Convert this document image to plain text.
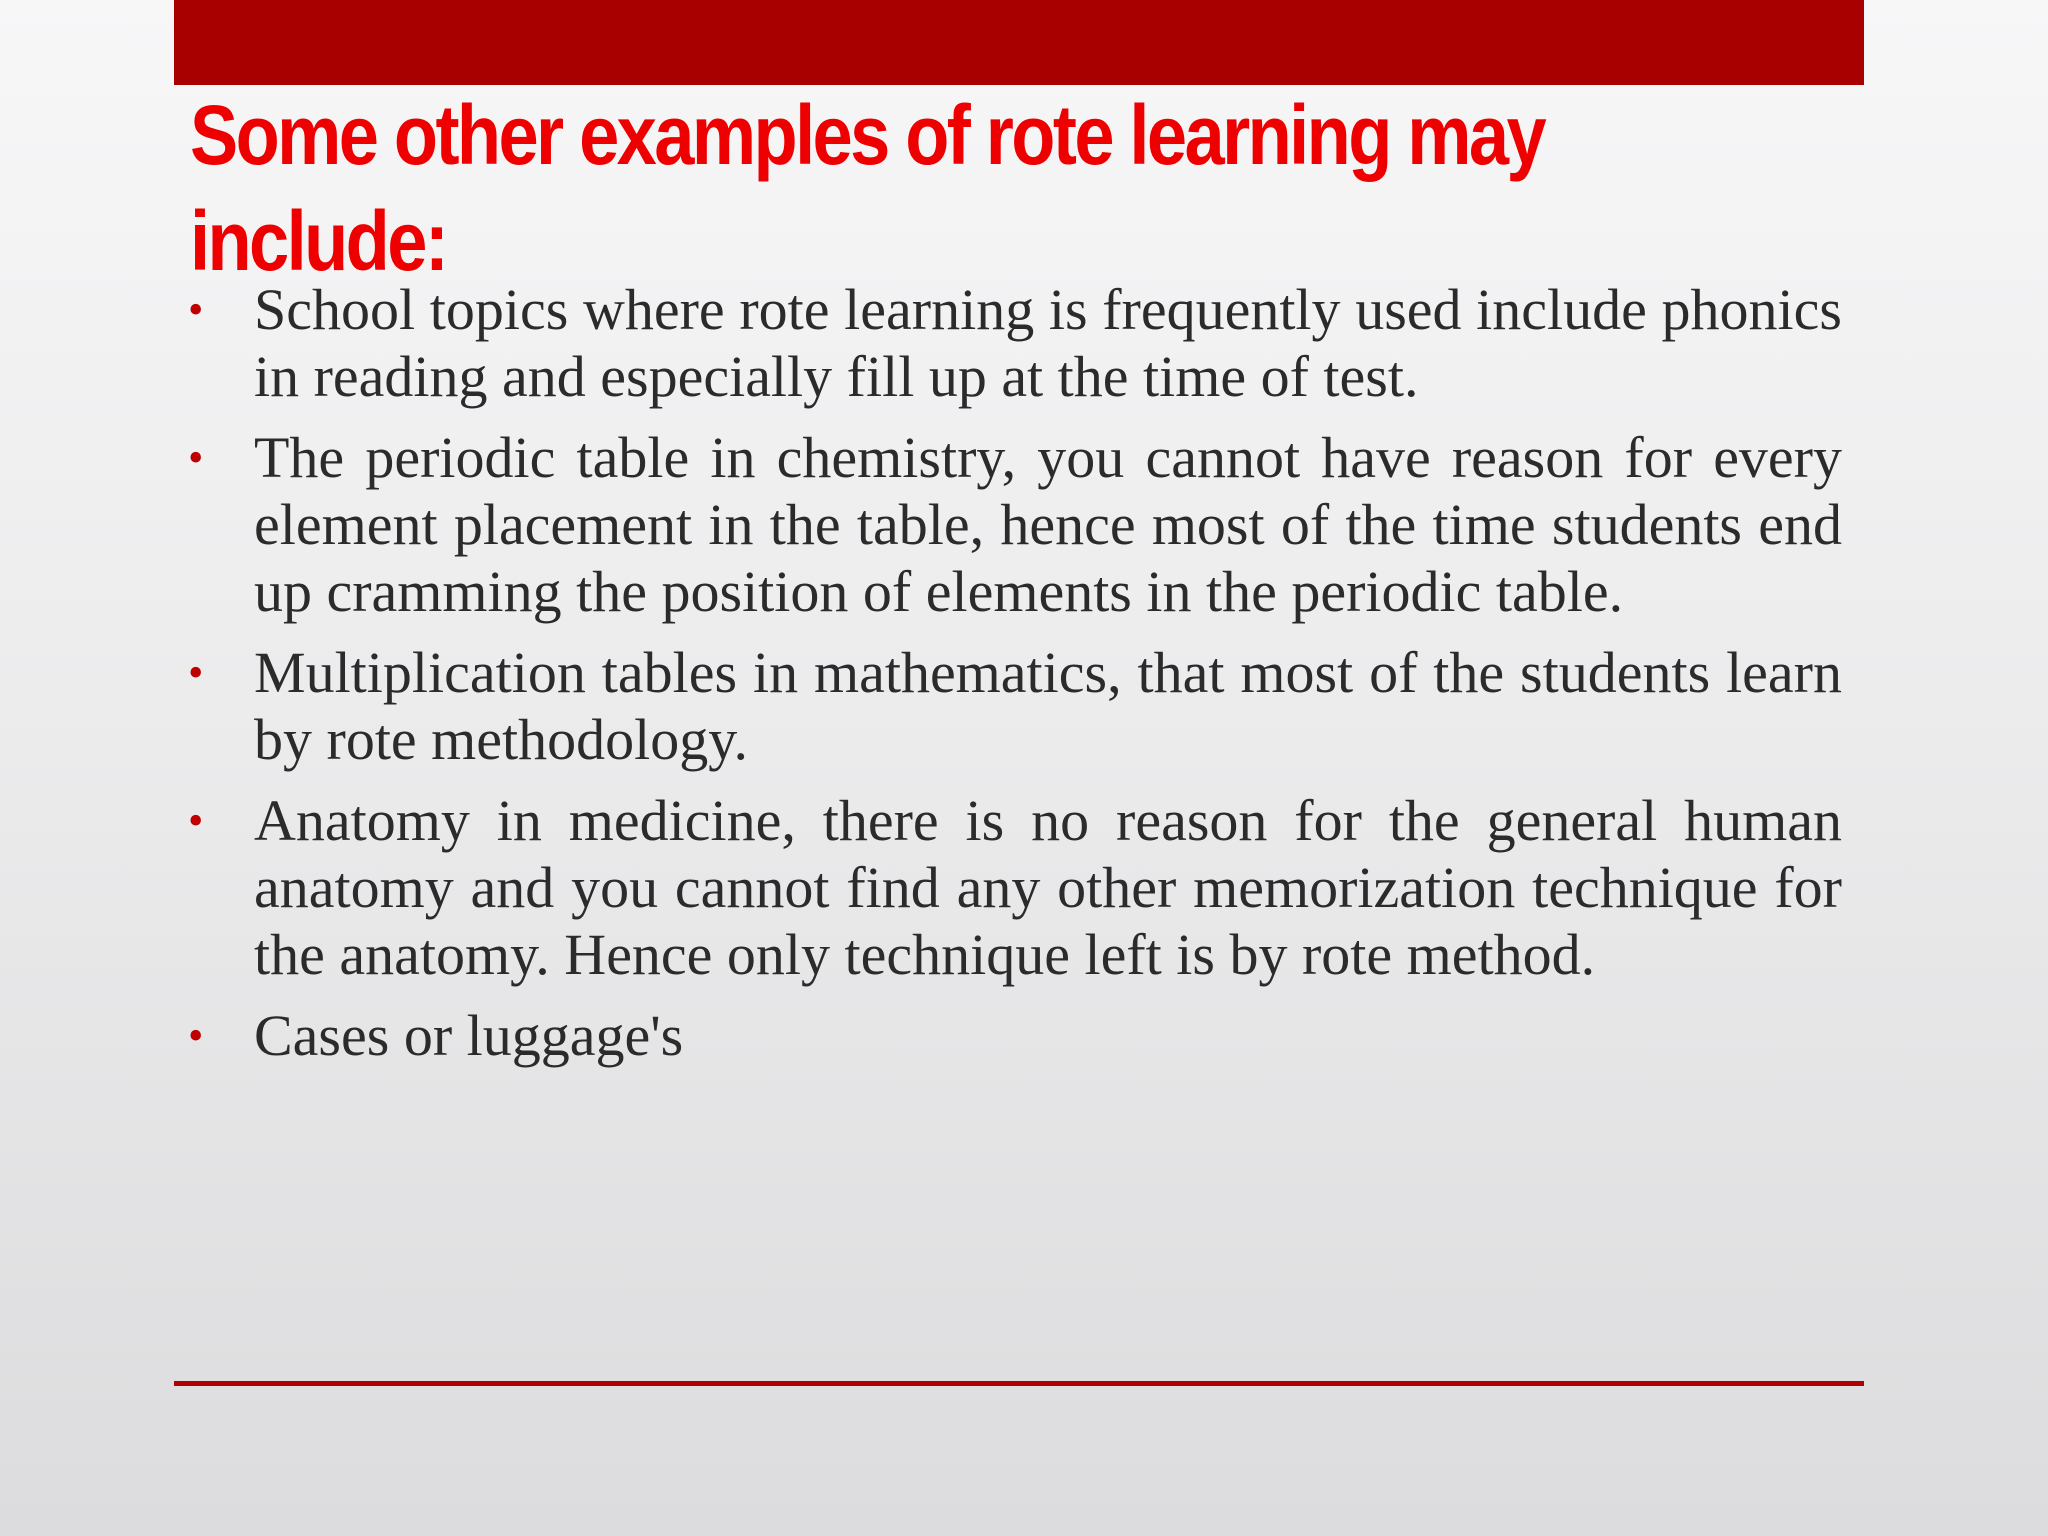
Some other examples of rote learning may include:
• School topics where rote learning is frequently used include phonics in reading and especially fill up at the time of test.
• The periodic table in chemistry, you cannot have reason for every element placement in the table, hence most of the time students end up cramming the position of elements in the periodic table.
• Multiplication tables in mathematics, that most of the students learn by rote methodology.
• Anatomy in medicine, there is no reason for the general human anatomy and you cannot find any other memorization technique for the anatomy. Hence only technique left is by rote method.
• Cases or luggage's
